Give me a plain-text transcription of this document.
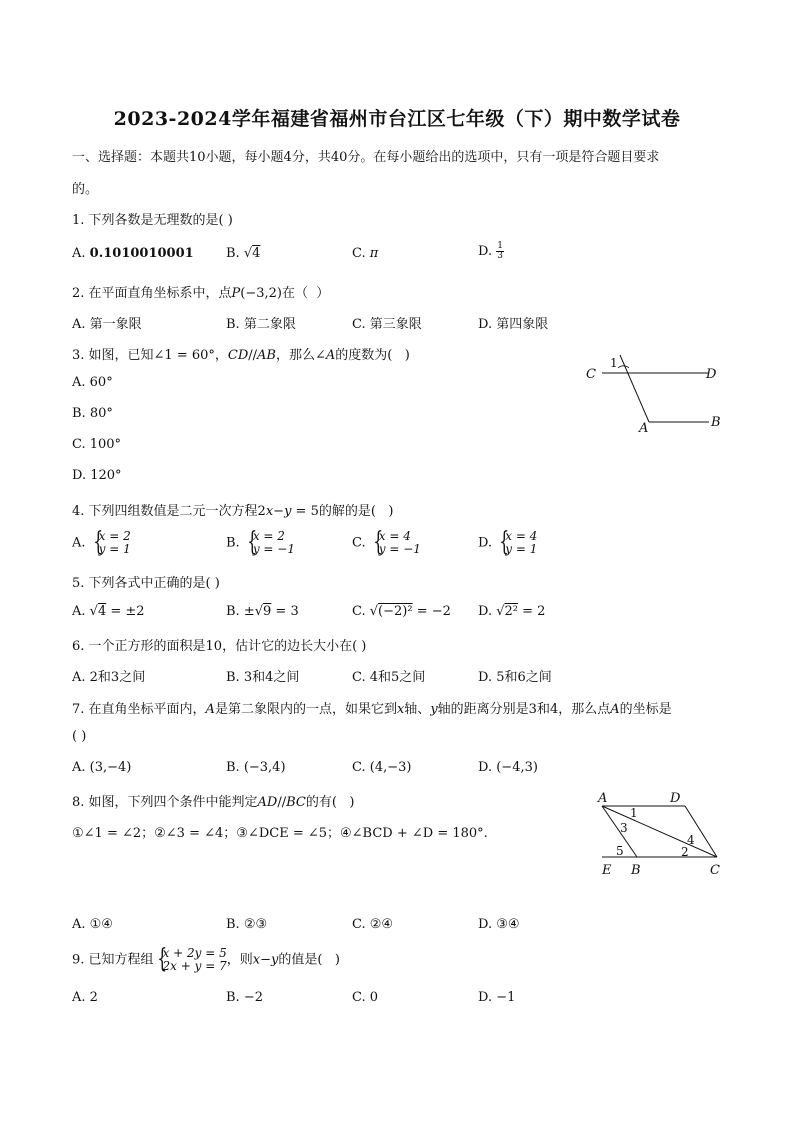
2023-2024学年福建省福州市台江区七年级（下）期中数学试卷
一、选择题：本题共10小题，每小题4分，共40分。在每小题给出的选项中，只有一项是符合题目要求
的。
1. 下列各数是无理数的是( )
A. 0.1010010001 B. √4	C. π	D. $\frac{1}{3}$
2. 在平面直角坐标系中，点P(−3,2)在（  ）
A. 第一象限	B. 第二象限	C. 第三象限	D. 第四象限
3. 如图，已知∠1 = 60°，CD//AB，那么∠A的度数为(   )
A. 60°
B. 80°
C. 100°
D. 120°
1
C	D
A	B
4. 下列四组数值是二元一次方程2x−y = 5的解的是(   )
A. {
x = 2
y = 1	B. {
x = 2
y = −1	C. {
x = 4
y = −1	D. {
x = 4
y = 1
5. 下列各式中正确的是( )
A. √4 = ±2	B. ±√9 = 3	C. √(−2)² = −2 D. √2² = 2
6. 一个正方形的面积是10，估计它的边长大小在( )
A. 2和3之间	B. 3和4之间	C. 4和5之间	D. 5和6之间
7. 在直角坐标平面内，A是第二象限内的一点，如果它到x轴、y轴的距离分别是3和4，那么点A的坐标是
( )
A. (3,−4)	B. (−3,4)	C. (4,−3)	D. (−4,3)
8. 如图，下列四个条件中能判定AD//BC的有(   )
①∠1 = ∠2；②∠3 = ∠4；③∠DCE = ∠5；④∠BCD + ∠D = 180°.
A. ①④	B. ②③	C. ②④	D. ③④
A	D
1
3
4
5	2
E B	C
9. 已知方程组 {
x + 2y = 5
2x + y = 7 ，则x−y的值是(   )
A. 2	B. −2	C. 0	D. −1
